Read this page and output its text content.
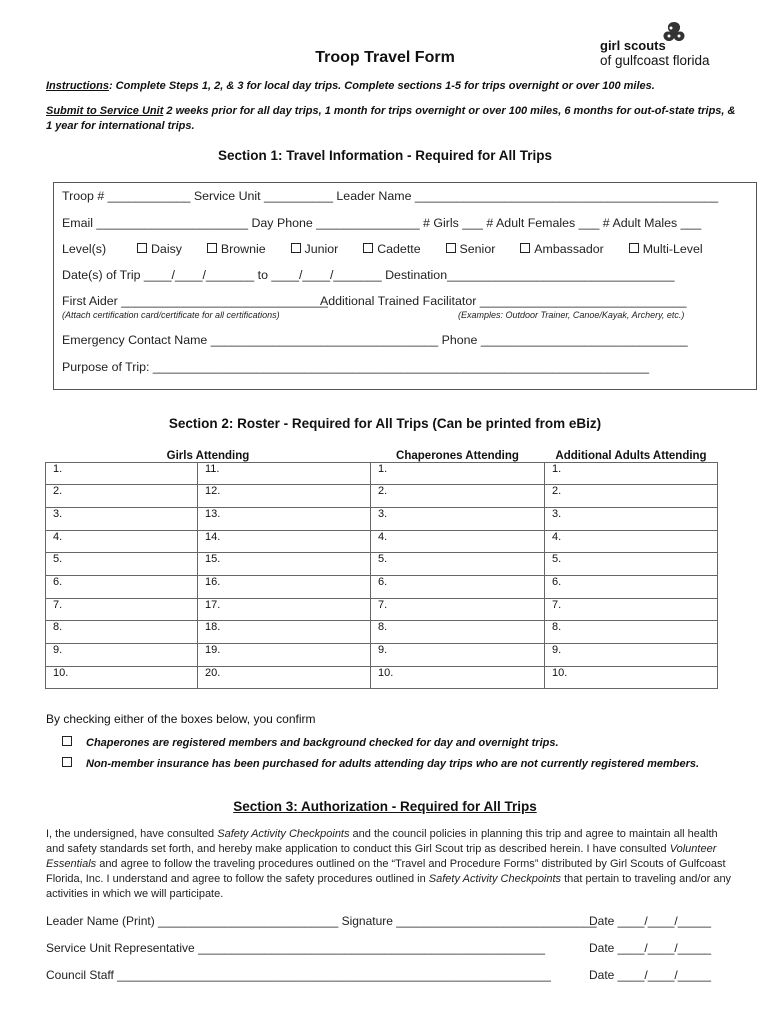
Troop Travel Form
girl scouts
of gulfcoast florida
Instructions: Complete Steps 1, 2, & 3 for local day trips. Complete sections 1-5 for trips overnight or over 100 miles.
Submit to Service Unit 2 weeks prior for all day trips, 1 month for trips overnight or over 100 miles, 6 months for out-of-state trips, & 1 year for international trips.
Section 1: Travel Information - Required for All Trips
Troop # ____________ Service Unit __________ Leader Name ____________________________________________
Email ______________________ Day Phone _______________ # Girls ___ # Adult Females ___ # Adult Males ___
Level(s)	Daisy	Brownie	Junior	Cadette	Senior	Ambassador	Multi-Level
Date(s) of Trip ____/____/_______ to ____/____/_______ Destination_________________________________
First Aider ______________________________
Additional Trained Facilitator ______________________________
(Attach certification card/certificate for all certifications)	(Examples: Outdoor Trainer, Canoe/Kayak, Archery, etc.)
Emergency Contact Name _________________________________ Phone ______________________________
Purpose of Trip: ________________________________________________________________________
Section 2: Roster - Required for All Trips (Can be printed from eBiz)
Girls Attending		Chaperones Attending	Additional Adults Attending
1.	11.	1.	1.
2.	12.	2.	2.
3.	13.	3.	3.
4.	14.	4.	4.
5.	15.	5.	5.
6.	16.	6.	6.
7.	17.	7.	7.
8.	18.	8.	8.
9.	19.	9.	9.
10.	20.	10.	10.
By checking either of the boxes below, you confirm
Chaperones are registered members and background checked for day and overnight trips.
Non-member insurance has been purchased for adults attending day trips who are not currently registered members.
Section 3: Authorization - Required for All Trips
I, the undersigned, have consulted Safety Activity Checkpoints and the council policies in planning this trip and agree to maintain all health and safety standards set forth, and hereby make application to conduct this Girl Scout trip as described herein. I have consulted Volunteer Essentials and agree to follow the traveling procedures outlined on the “Travel and Procedure Forms” distributed by Girl Scouts of Gulfcoast Florida, Inc. I understand and agree to follow the safety procedures outlined in Safety Activity Checkpoints that pertain to traveling and/or any activities in which we will participate.
Leader Name (Print) ___________________________ Signature ______________________________
Date ____/____/_____
Service Unit Representative ____________________________________________________	Date ____/____/_____
Council Staff _________________________________________________________________	Date ____/____/_____
